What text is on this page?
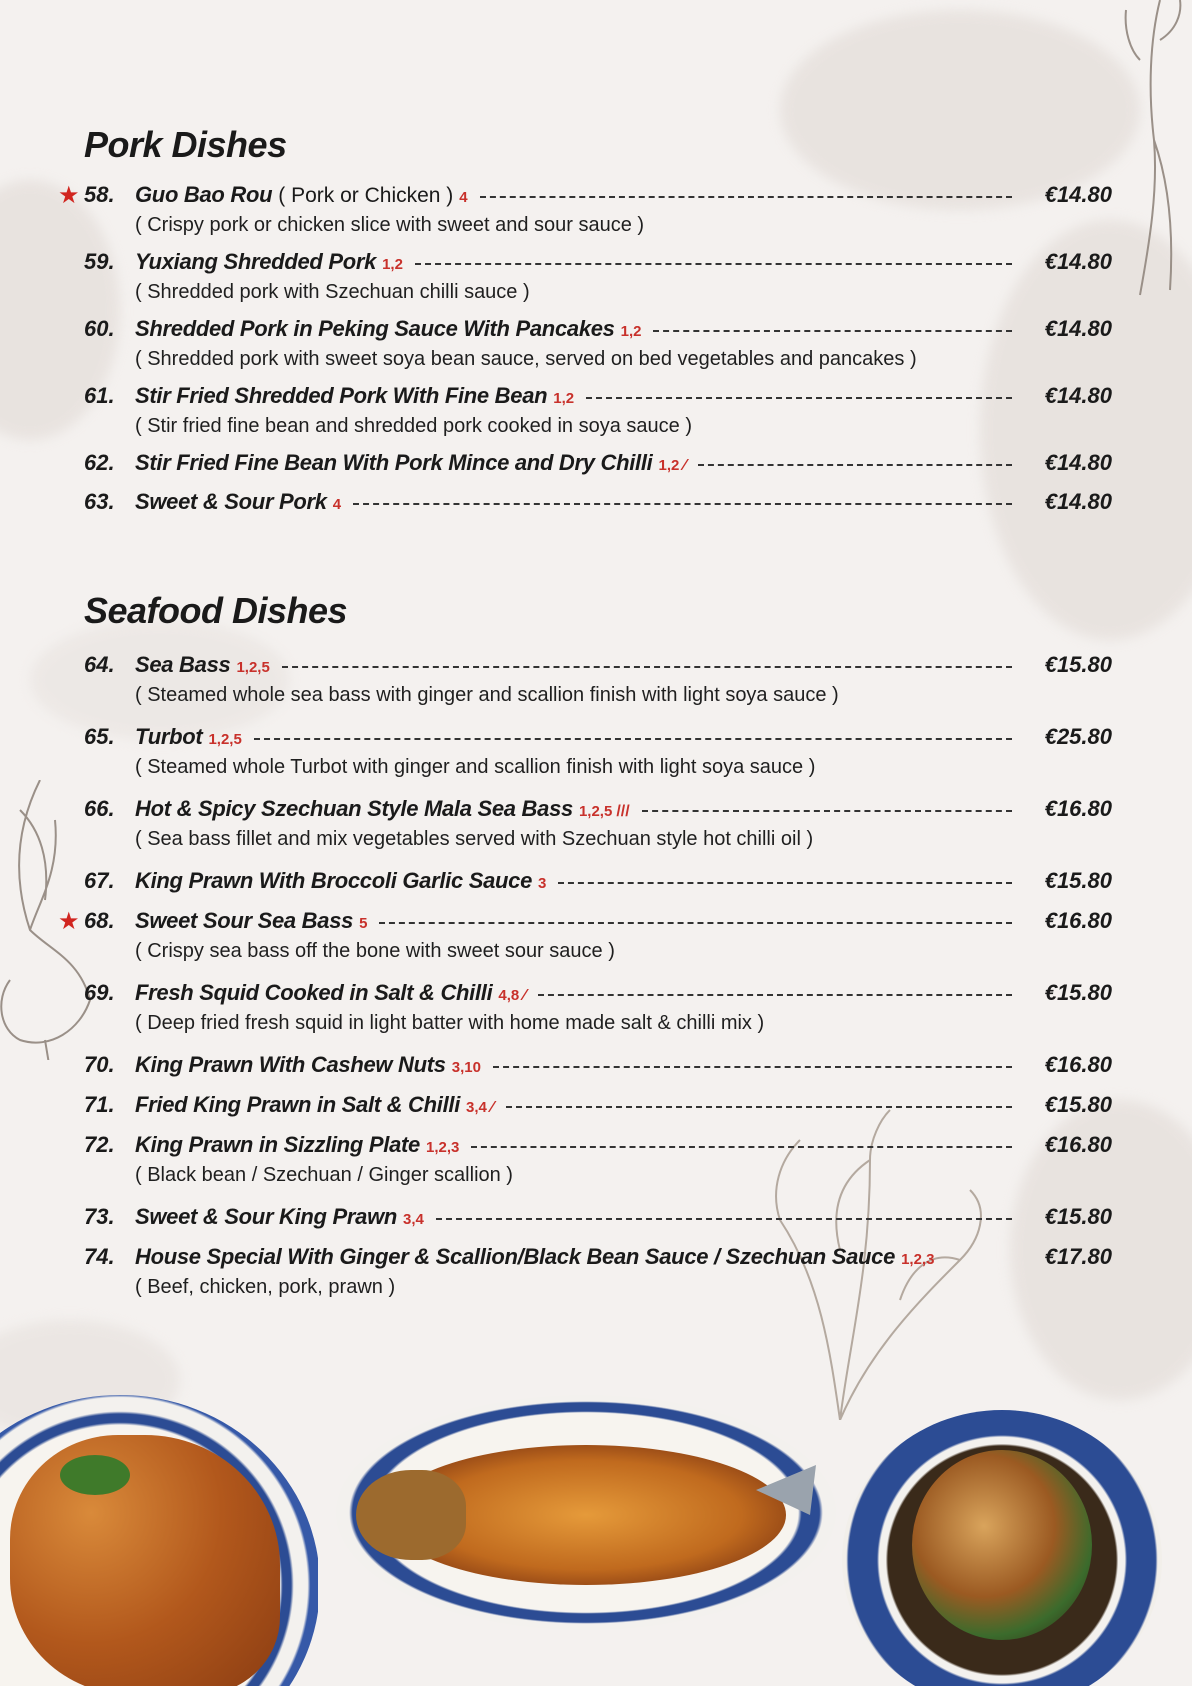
Pork Dishes
★ 58. Guo Bao Rou ( Pork or Chicken ) 4	€14.80
( Crispy pork or chicken slice with sweet and sour sauce )
59. Yuxiang Shredded Pork 1,2	€14.80
( Shredded pork with Szechuan chilli sauce )
60. Shredded Pork in Peking Sauce With Pancakes 1,2	€14.80
( Shredded pork with sweet soya bean sauce, served on bed vegetables and pancakes )
61. Stir Fried Shredded Pork With Fine Bean 1,2	€14.80
( Stir fried fine bean and shredded pork cooked in soya sauce )
62. Stir Fried Fine Bean With Pork Mince and Dry Chilli 1,2 ⁄	€14.80
63. Sweet & Sour Pork 4	€14.80
Seafood Dishes
64. Sea Bass 1,2,5	€15.80
( Steamed whole sea bass with ginger and scallion finish with light soya sauce )
65. Turbot 1,2,5	€25.80
( Steamed whole Turbot with ginger and scallion finish with light soya sauce )
66. Hot & Spicy Szechuan Style Mala Sea Bass 1,2,5 ///	€16.80
( Sea bass fillet and mix vegetables served with Szechuan style hot chilli oil )
67. King Prawn With Broccoli Garlic Sauce 3	€15.80
★ 68. Sweet Sour Sea Bass 5	€16.80
( Crispy sea bass off the bone with sweet sour sauce )
69. Fresh Squid Cooked in Salt & Chilli 4,8 ⁄	€15.80
( Deep fried fresh squid in light batter with home made salt & chilli mix )
70. King Prawn With Cashew Nuts 3,10	€16.80
71. Fried King Prawn in Salt & Chilli 3,4 ⁄	€15.80
72. King Prawn in Sizzling Plate 1,2,3	€16.80
( Black bean / Szechuan / Ginger scallion )
73. Sweet & Sour King Prawn 3,4	€15.80
74. House Special With Ginger & Scallion/Black Bean Sauce / Szechuan Sauce 1,2,3	€17.80
( Beef, chicken, pork, prawn )
